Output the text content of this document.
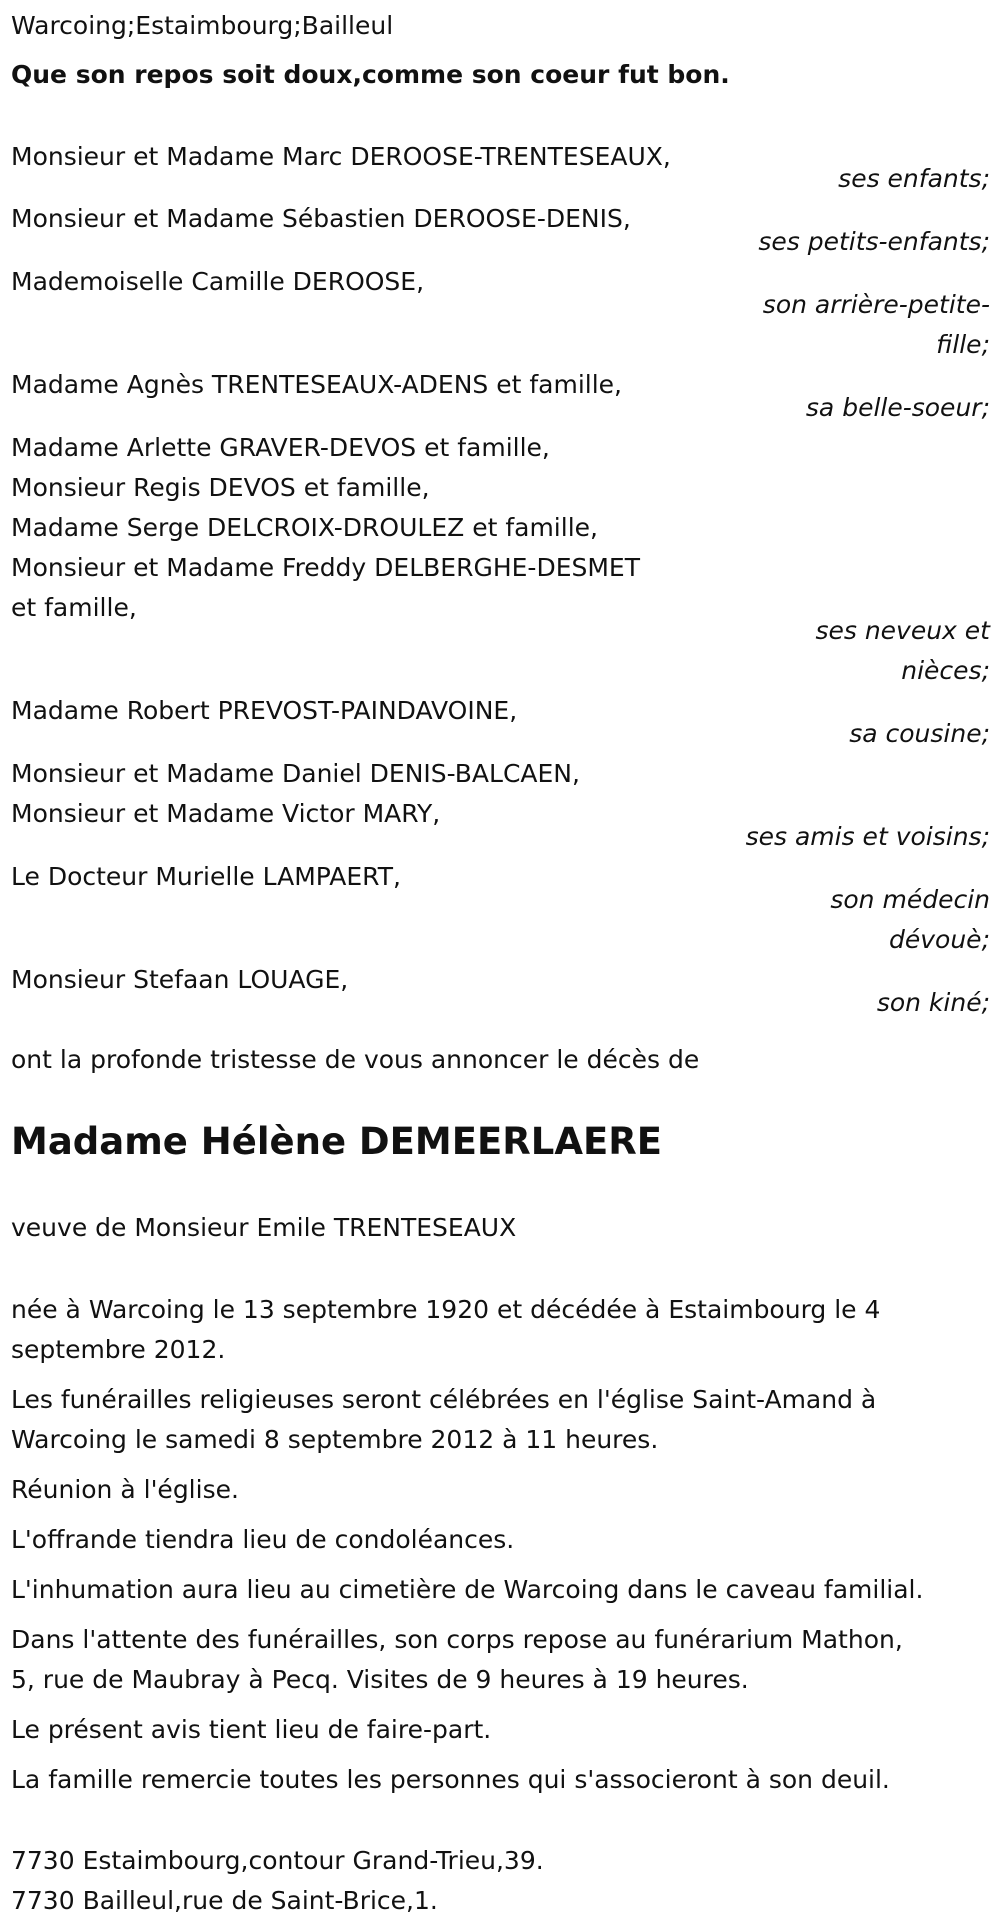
Warcoing;Estaimbourg;Bailleul
Que son repos soit doux,comme son coeur fut bon.
Monsieur et Madame Marc DEROOSE-TRENTESEAUX,
ses enfants;
Monsieur et Madame Sébastien DEROOSE-DENIS,
ses petits-enfants;
Mademoiselle Camille DEROOSE,
son arrière-petite-
fille;
Madame Agnès TRENTESEAUX-ADENS et famille,
sa belle-soeur;
Madame Arlette GRAVER-DEVOS et famille,
Monsieur Regis DEVOS et famille,
Madame Serge DELCROIX-DROULEZ et famille,
Monsieur et Madame Freddy DELBERGHE-DESMET
et famille,
ses neveux et
nièces;
Madame Robert PREVOST-PAINDAVOINE,
sa cousine;
Monsieur et Madame Daniel DENIS-BALCAEN,
Monsieur et Madame Victor MARY,
ses amis et voisins;
Le Docteur Murielle LAMPAERT,
son médecin
dévouè;
Monsieur Stefaan LOUAGE,
son kiné;
ont la profonde tristesse de vous annoncer le décès de
Madame Hélène DEMEERLAERE
veuve de Monsieur Emile TRENTESEAUX
née à Warcoing le 13 septembre 1920 et décédée à Estaimbourg le 4
septembre 2012.
Les funérailles religieuses seront célébrées en l'église Saint-Amand à
Warcoing le samedi 8 septembre 2012 à 11 heures.
Réunion à l'église.
L'offrande tiendra lieu de condoléances.
L'inhumation aura lieu au cimetière de Warcoing dans le caveau familial.
Dans l'attente des funérailles, son corps repose au funérarium Mathon,
5, rue de Maubray à Pecq. Visites de 9 heures à 19 heures.
Le présent avis tient lieu de faire-part.
La famille remercie toutes les personnes qui s'associeront à son deuil.
7730 Estaimbourg,contour Grand-Trieu,39.
7730 Bailleul,rue de Saint-Brice,1.
